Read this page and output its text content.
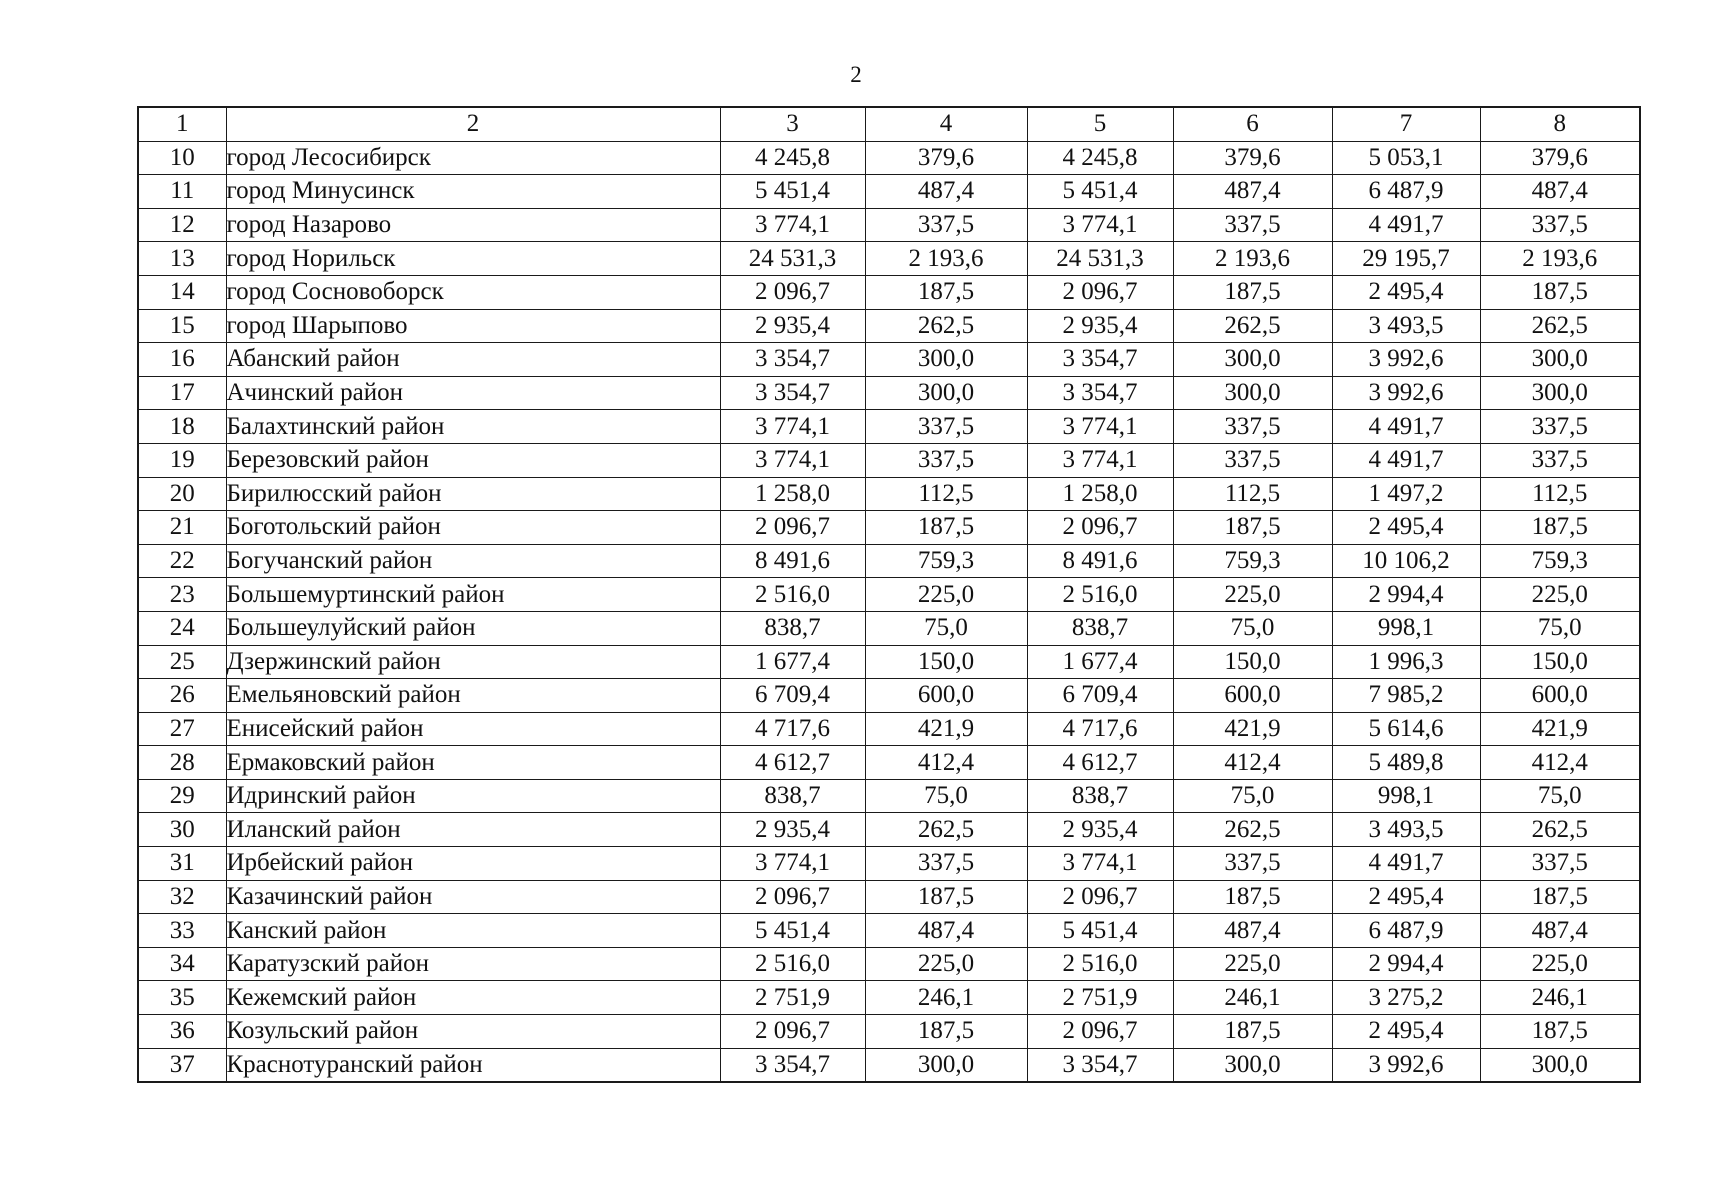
2
1	2	3	4	5	6	7	8
10	город Лесосибирск	4 245,8	379,6	4 245,8	379,6	5 053,1	379,6
11	город Минусинск	5 451,4	487,4	5 451,4	487,4	6 487,9	487,4
12	город Назарово	3 774,1	337,5	3 774,1	337,5	4 491,7	337,5
13	город Норильск	24 531,3	2 193,6	24 531,3	2 193,6	29 195,7	2 193,6
14	город Сосновоборск	2 096,7	187,5	2 096,7	187,5	2 495,4	187,5
15	город Шарыпово	2 935,4	262,5	2 935,4	262,5	3 493,5	262,5
16	Абанский район	3 354,7	300,0	3 354,7	300,0	3 992,6	300,0
17	Ачинский район	3 354,7	300,0	3 354,7	300,0	3 992,6	300,0
18	Балахтинский район	3 774,1	337,5	3 774,1	337,5	4 491,7	337,5
19	Березовский район	3 774,1	337,5	3 774,1	337,5	4 491,7	337,5
20	Бирилюсский район	1 258,0	112,5	1 258,0	112,5	1 497,2	112,5
21	Боготольский район	2 096,7	187,5	2 096,7	187,5	2 495,4	187,5
22	Богучанский район	8 491,6	759,3	8 491,6	759,3	10 106,2	759,3
23	Большемуртинский район	2 516,0	225,0	2 516,0	225,0	2 994,4	225,0
24	Большеулуйский район	838,7	75,0	838,7	75,0	998,1	75,0
25	Дзержинский район	1 677,4	150,0	1 677,4	150,0	1 996,3	150,0
26	Емельяновский район	6 709,4	600,0	6 709,4	600,0	7 985,2	600,0
27	Енисейский район	4 717,6	421,9	4 717,6	421,9	5 614,6	421,9
28	Ермаковский район	4 612,7	412,4	4 612,7	412,4	5 489,8	412,4
29	Идринский район	838,7	75,0	838,7	75,0	998,1	75,0
30	Иланский район	2 935,4	262,5	2 935,4	262,5	3 493,5	262,5
31	Ирбейский район	3 774,1	337,5	3 774,1	337,5	4 491,7	337,5
32	Казачинский район	2 096,7	187,5	2 096,7	187,5	2 495,4	187,5
33	Канский район	5 451,4	487,4	5 451,4	487,4	6 487,9	487,4
34	Каратузский район	2 516,0	225,0	2 516,0	225,0	2 994,4	225,0
35	Кежемский район	2 751,9	246,1	2 751,9	246,1	3 275,2	246,1
36	Козульский район	2 096,7	187,5	2 096,7	187,5	2 495,4	187,5
37	Краснотуранский район	3 354,7	300,0	3 354,7	300,0	3 992,6	300,0
